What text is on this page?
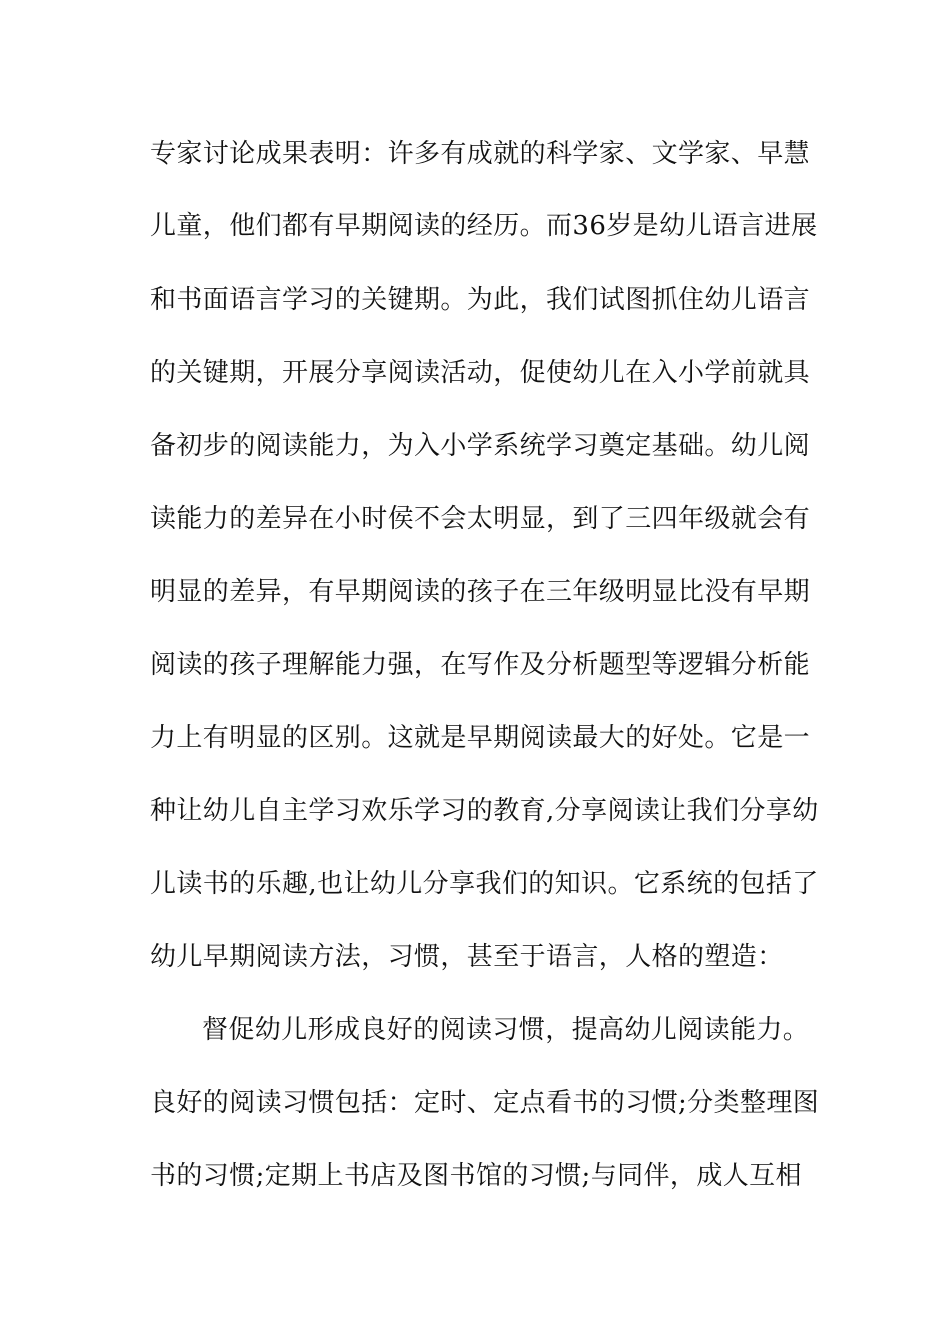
专家讨论成果表明：许多有成就的科学家、文学家、早慧
儿童，他们都有早期阅读的经历。而36岁是幼儿语言进展
和书面语言学习的关键期。为此，我们试图抓住幼儿语言
的关键期，开展分享阅读活动，促使幼儿在入小学前就具
备初步的阅读能力，为入小学系统学习奠定基础。幼儿阅
读能力的差异在小时侯不会太明显，到了三四年级就会有
明显的差异，有早期阅读的孩子在三年级明显比没有早期
阅读的孩子理解能力强，在写作及分析题型等逻辑分析能
力上有明显的区别。这就是早期阅读最大的好处。它是一
种让幼儿自主学习欢乐学习的教育,分享阅读让我们分享幼
儿读书的乐趣,也让幼儿分享我们的知识。它系统的包括了
幼儿早期阅读方法，习惯，甚至于语言，人格的塑造：
督促幼儿形成良好的阅读习惯，提高幼儿阅读能力。
良好的阅读习惯包括：定时、定点看书的习惯;分类整理图
书的习惯;定期上书店及图书馆的习惯;与同伴，成人互相
